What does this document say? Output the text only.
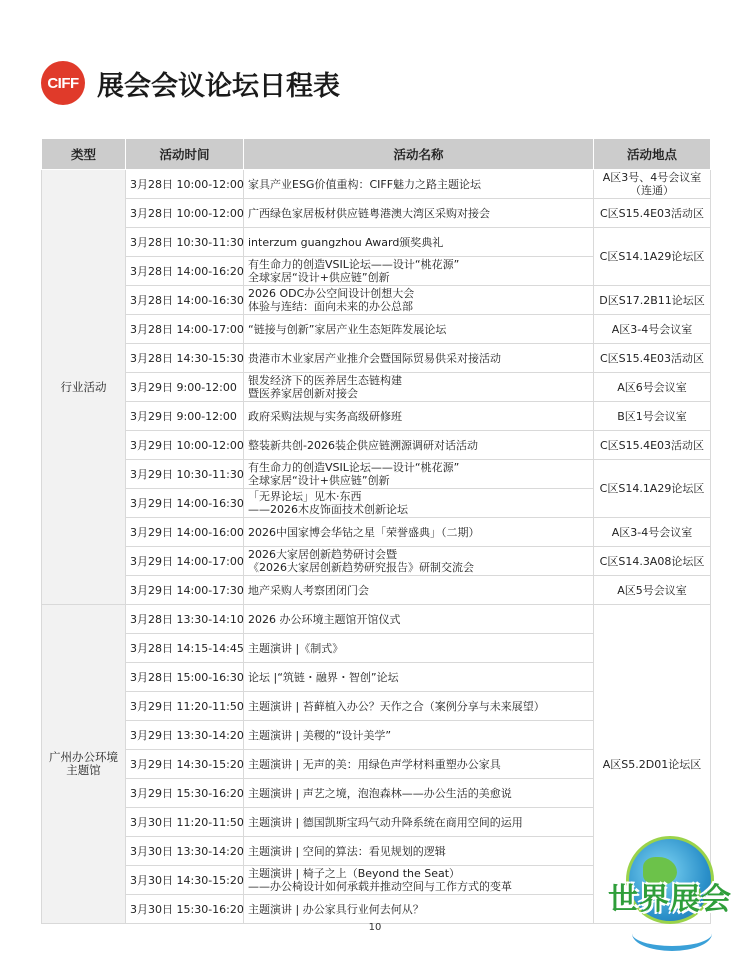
CIFF 展会会议论坛日程表
类型	活动时间	活动名称	活动地点
行业活动	3月28日 10:00-12:00	家具产业ESG价值重构：CIFF魅力之路主题论坛	A区3号、4号会议室
（连通）
	3月28日 10:00-12:00	广西绿色家居板材供应链粤港澳大湾区采购对接会	C区S15.4E03活动区
	3月28日 10:30-11:30	interzum guangzhou Award颁奖典礼	C区S14.1A29论坛区
	3月28日 14:00-16:20	有生命力的创造VSIL论坛——设计“桃花源”
全球家居“设计+供应链”创新	
	3月28日 14:00-16:30	2026 ODC办公空间设计创想大会
体验与连结：面向未来的办公总部	D区S17.2B11论坛区
	3月28日 14:00-17:00	“链接与创新”家居产业生态矩阵发展论坛	A区3-4号会议室
	3月28日 14:30-15:30	贵港市木业家居产业推介会暨国际贸易供采对接活动	C区S15.4E03活动区
	3月29日 9:00-12:00	银发经济下的医养居生态链构建
暨医养家居创新对接会	A区6号会议室
	3月29日 9:00-12:00	政府采购法规与实务高级研修班	B区1号会议室
	3月29日 10:00-12:00	整装新共创-2026装企供应链溯源调研对话活动	C区S15.4E03活动区
	3月29日 10:30-11:30	有生命力的创造VSIL论坛——设计“桃花源”
全球家居“设计+供应链”创新	C区S14.1A29论坛区
	3月29日 14:00-16:30	「无界论坛」见木·东西
——2026木皮饰面技术创新论坛	
	3月29日 14:00-16:00	2026中国家博会华钻之星「荣誉盛典」（二期）	A区3-4号会议室
	3月29日 14:00-17:00	2026大家居创新趋势研讨会暨
《2026大家居创新趋势研究报告》研制交流会	C区S14.3A08论坛区
	3月29日 14:00-17:30	地产采购人考察团闭门会	A区5号会议室
广州办公环境
主题馆	3月28日 13:30-14:10	2026 办公环境主题馆开馆仪式	A区S5.2D01论坛区
	3月28日 14:15-14:45	主题演讲 |《制式》	
	3月28日 15:00-16:30	论坛 |“筑链・融界・智创”论坛	
	3月29日 11:20-11:50	主题演讲 | 苔藓植入办公？天作之合（案例分享与未来展望）	
	3月29日 13:30-14:20	主题演讲 | 美稷的“设计美学”	
	3月29日 14:30-15:20	主题演讲 | 无声的美：用绿色声学材料重塑办公家具	
	3月29日 15:30-16:20	主题演讲 | 声艺之境，泡泡森林——办公生活的美愈说	
	3月30日 11:20-11:50	主题演讲 | 德国凯斯宝玛气动升降系统在商用空间的运用	
	3月30日 13:30-14:20	主题演讲 | 空间的算法：看见规划的逻辑	
	3月30日 14:30-15:20	主题演讲 | 椅子之上（Beyond the Seat）
——办公椅设计如何承载并推动空间与工作方式的变革	
	3月30日 15:30-16:20	主题演讲 | 办公家具行业何去何从？	
10
世界展会
